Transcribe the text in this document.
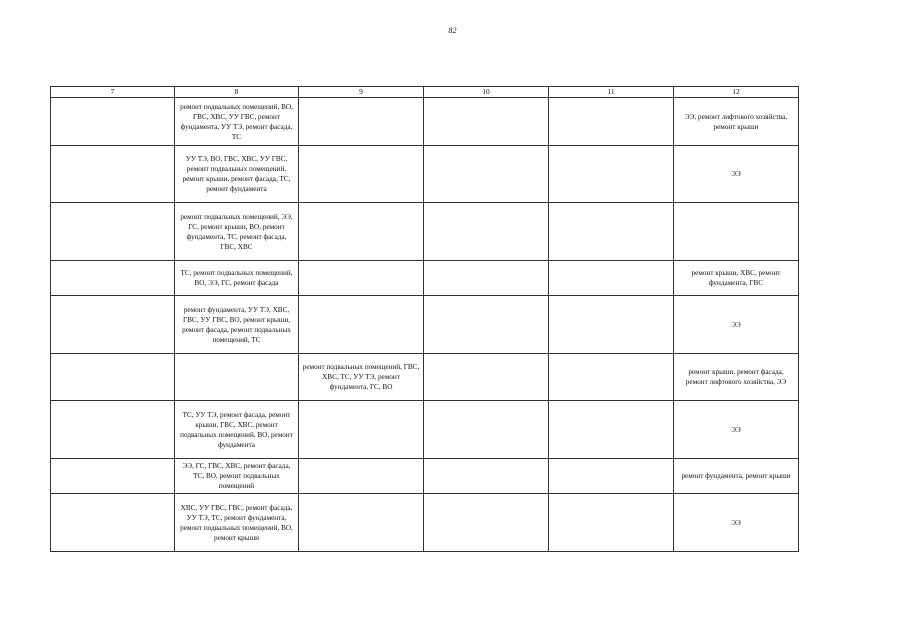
82
7	8	9	10	11	12
	ремонт подвальных помещений, ВО, ГВС, ХВС, УУ ГВС, ремонт фундамента, УУ ТЭ, ремонт фасада, ТС				ЭЭ, ремонт лифтового хозяйства, ремонт крыши
	УУ ТЭ, ВО, ГВС, ХВС, УУ ГВС, ремонт подвальных помещений, ремонт крыши, ремонт фасада, ТС, ремонт фундамента				ЭЭ
	ремонт подвальных помещений, ЭЭ, ГС, ремонт крыши, ВО, ремонт фундамента, ТС, ремонт фасада, ГВС, ХВС				
	ТС, ремонт подвальных помещений, ВО, ЭЭ, ГС, ремонт фасада				ремонт крыши, ХВС, ремонт фундамента, ГВС
	ремонт фундамента, УУ ТЭ, ХВС, ГВС, УУ ГВС, ВО, ремонт крыши, ремонт фасада, ремонт подвальных помещений, ТС				ЭЭ
		ремонт подвальных помещений, ГВС, ХВС, ТС, УУ ТЭ, ремонт фундамента, ГС, ВО			ремонт крыши, ремонт фасада, ремонт лифтового хозяйства, ЭЭ
	ТС, УУ ТЭ, ремонт фасада, ремонт крыши, ГВС, ХВС, ремонт подвальных помещений, ВО, ремонт фундамента				ЭЭ
	ЭЭ, ГС, ГВС, ХВС, ремонт фасада, ТС, ВО, ремонт подвальных помещений				ремонт фундамента, ремонт крыши
	ХВС, УУ ГВС, ГВС, ремонт фасада, УУ ТЭ, ТС, ремонт фундамента, ремонт подвальных помещений, ВО, ремонт крыши				ЭЭ
